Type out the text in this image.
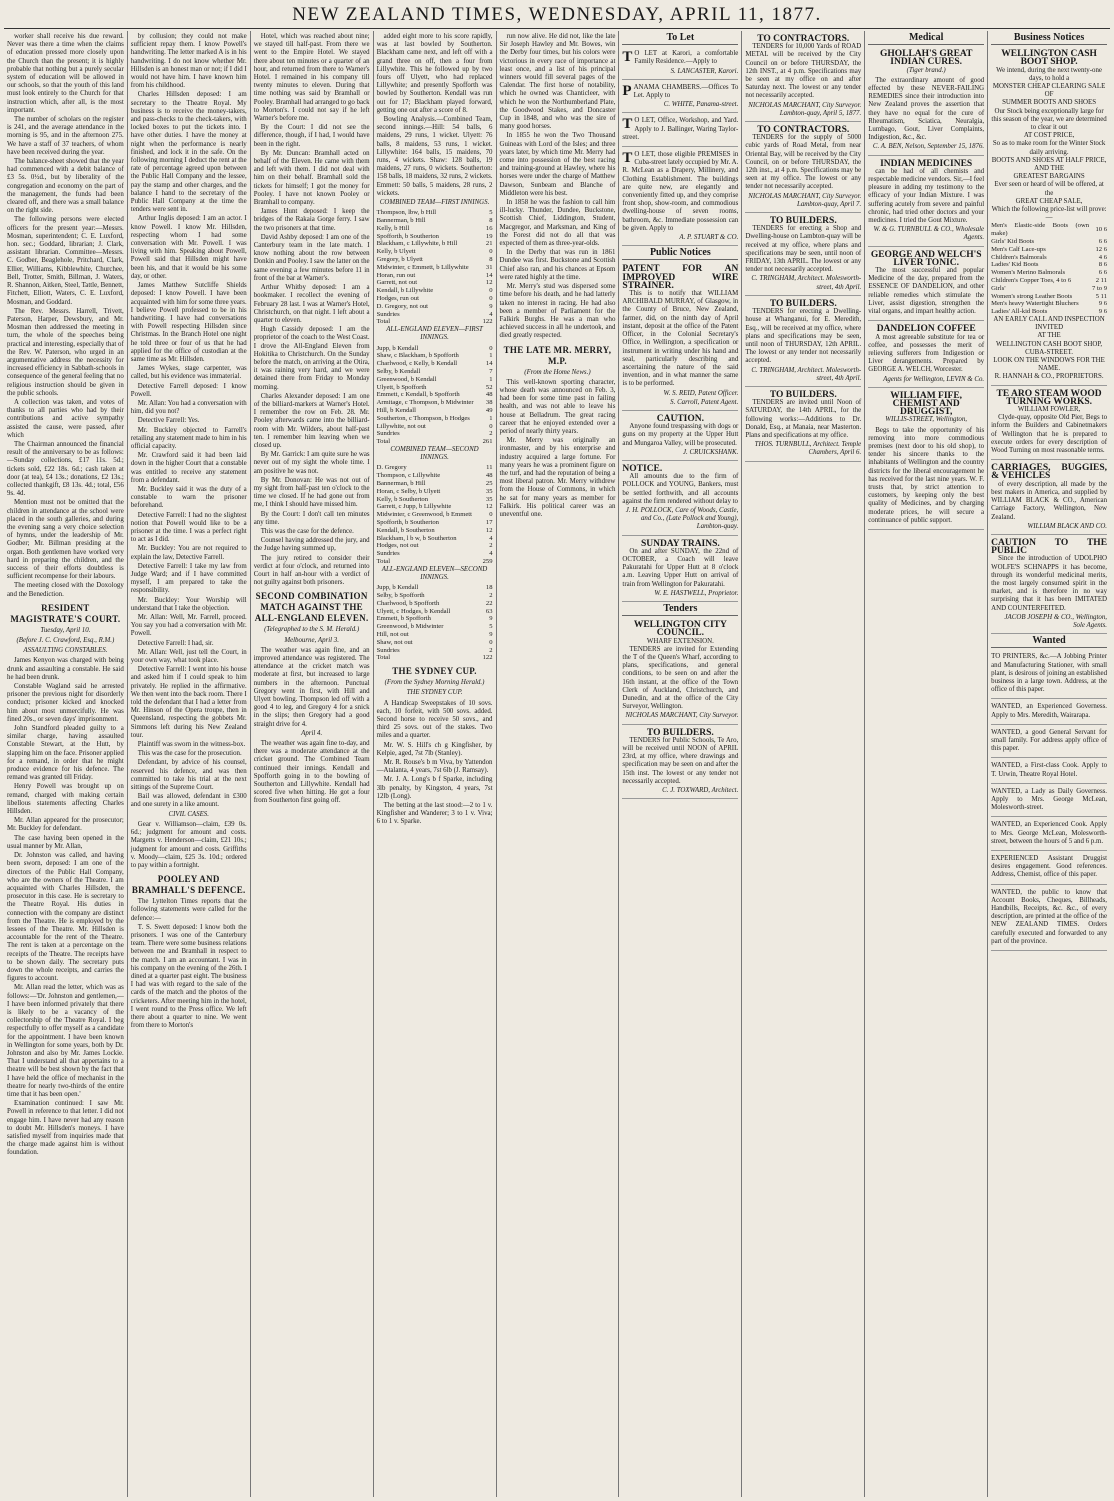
NEW ZEALAND TIMES, WEDNESDAY, APRIL 11, 1877.

worker shall receive his due reward. Never was there a time when the claims of education pressed more closely upon the Church than the present; it is highly probable that nothing but a purely secular system of education will be allowed in our schools, so that the youth of this land must look entirely to the Church for that instruction which, after all, is the most important.

The number of scholars on the register is 241, and the average attendance in the morning is 95, and in the afternoon 275. We have a staff of 37 teachers, of whom have been received during the year.

The balance-sheet showed that the year had commenced with a debit balance of £3 5s. 0½d., but by liberality of the congregation and economy on the part of the management, the funds had been cleared off, and there was a small balance on the right side.

The following persons were elected officers for the present year:—Messrs. Mosman, superintendent; C. E. Luxford, hon. sec.; Goddard, librarian; J. Clark, assistant librarian. Committee—Messrs. C. Godber, Beaglehole, Pritchard, Clark, Ellier, Williams, Kibblewhite, Churchee, Bell, Trotter, Smith, Billman, J. Waters, R. Shannon, Aitken, Steel, Tattle, Bennett, Fitchett, Elliott, Waters, C. E. Luxford, Mosman, and Goddard.

The Rev. Messrs. Harrell, Trivett, Paterson, Harper, Dewsbury, and Mr. Mosman then addressed the meeting in turn, the whole of the speeches being practical and interesting, especially that of the Rev. W. Paterson, who urged in an argumentative address the necessity for increased efficiency in Sabbath-schools in consequence of the general feeling that no religious instruction should be given in the public schools.

A collection was taken, and votes of thanks to all parties who had by their contributions and active sympathy assisted the cause, were passed, after which

The Chairman announced the financial result of the anniversary to be as follows:—Sunday collections, £17 11s. 5d.; tickets sold, £22 18s. 6d.; cash taken at door (at tea), £4 13s.; donations, £2 13s.; collected thankgift, £8 13s. 4d.; total, £56 9s. 4d.

Mention must not be omitted that the children in attendance at the school were placed in the south galleries, and during the evening sang a very choice selection of hymns, under the leadership of Mr. Godber; Mr. Billman presiding at the organ. Both gentlemen have worked very hard in preparing the children, and the success of their efforts doubtless is sufficient recompense for their labours.

The meeting closed with the Doxology and the Benediction.

RESIDENT MAGISTRATE'S COURT.
Tuesday, April 10.
(Before J. C. Crawford, Esq., R.M.)
ASSAULTING CONSTABLES.

James Kenyon was charged with being drunk and assaulting a constable. He said he had been drunk.

Constable Wagland said he arrested prisoner the previous night for disorderly conduct; prisoner kicked and knocked him about most unmercifully. He was fined 20s., or seven days' imprisonment.

John Standford pleaded guilty to a similar charge, having assaulted Constable Stewart, at the Hutt, by slapping him on the face. Prisoner applied for a remand, in order that he might produce evidence for his defence. The remand was granted till Friday.

Henry Powell was brought up on remand, charged with making certain libellous statements affecting Charles Hillsden.

Mr. Allan appeared for the prosecutor; Mr. Buckley for defendant.

The case having been opened in the usual manner by Mr. Allan,

Dr. Johnston was called, and having been sworn, deposed: I am one of the directors of the Public Hall Company, who are the owners of the Theatre. I am acquainted with Charles Hillsden, the prosecutor in this case. He is secretary to the Theatre Royal. His duties in connection with the company are distinct from the Theatre. He is employed by the lessees of the Theatre. Mr. Hillsden is accountable for the rent of the Theatre. The rent is taken at a percentage on the receipts of the Theatre. The receipts have to be shown daily. The secretary puts down the whole receipts, and carries the figures to account.

Mr. Allan read the letter, which was as follows:—'Dr. Johnston and gentlemen,—I have been informed privately that there is likely to be a vacancy of the collectorship of the Theatre Royal. I beg respectfully to offer myself as a candidate for the appointment. I have been known in Wellington for some years, both by Dr. Johnston and also by Mr. James Lockie. That I understand all that appertains to a theatre will be best shown by the fact that I have held the office of mechanist in the theatre for nearly two-thirds of the entire time that it has been open.'

Examination continued: I saw Mr. Powell in reference to that letter. I did not engage him. I have never had any reason to doubt Mr. Hillsden's moneys. I have satisfied myself from inquiries made that the charge made against him is without foundation.

by collusion; they could not make sufficient repay them. I know Powell's handwriting. The letter marked A is in his handwriting. I do not know whether Mr. Hillsden is an honest man or not; if I did I would not have him. I have known him from his childhood.

Charles Hillsden deposed: I am secretary to the Theatre Royal. My business is to receive the money-takers, and pass-checks to the check-takers, with locked boxes to put the tickets into. I have other duties. I have the money at night when the performance is nearly finished, and lock it in the safe. On the following morning I deduct the rent at the rate of percentage agreed upon between the Public Hall Company and the lessee, pay the stamp and other charges, and the balance I hand to the secretary of the Public Hall Company at the time the tenders were sent in.

Arthur Inglis deposed: I am an actor. I know Powell. I know Mr. Hillsden, respecting whom I had some conversation with Mr. Powell. I was living with him. Speaking about Powell, Powell said that Hillsden might have been his, and that it would be his some day, or other.

James Matthew Sutcliffe Shields deposed: I know Powell. I have been acquainted with him for some three years. I believe Powell professed to be in his handwriting. I have had conversations with Powell respecting Hillsden since Christmas. In the Branch Hotel one night he told three or four of us that he had applied for the office of custodian at the same time as Mr. Hillsden.

James Wykes, stage carpenter, was called, but his evidence was immaterial.

Detective Farrell deposed: I know Powell.

Mr. Allan: You had a conversation with him, did you not?

Detective Farrell: Yes.

Mr. Buckley objected to Farrell's retailing any statement made to him in his official capacity.

Mr. Crawford said it had been laid down in the higher Court that a constable was entitled to receive any statement from a defendant.

Mr. Buckley said it was the duty of a constable to warn the prisoner beforehand.

Detective Farrell: I had no the slightest notion that Powell would like to be a prisoner at the time. I was a perfect right to act as I did.

Mr. Buckley: You are not required to explain the law, Detective Farrell.

Detective Farrell: I take my law from Judge Ward; and if I have committed myself, I am prepared to take the responsibility.

Mr. Buckley: Your Worship will understand that I take the objection.

Mr. Allan: Well, Mr. Farrell, proceed. You say you had a conversation with Mr. Powell.

Detective Farrell: I had, sir.

Mr. Allan: Well, just tell the Court, in your own way, what took place.

Detective Farrell: I went into his house and asked him if I could speak to him privately. He replied in the affirmative. We then went into the back room. There I told the defendant that I had a letter from Mr. Hinson of the Opera troupe, then in Queensland, respecting the gobbets Mr. Simmons left during his New Zealand tour.

Plaintiff was sworn in the witness-box.

This was the case for the prosecution.

Defendant, by advice of his counsel, reserved his defence, and was then committed to take his trial at the next sittings of the Supreme Court.

Bail was allowed, defendant in £300 and one surety in a like amount.

CIVIL CASES.

Gear v. Williamson—claim, £39 0s. 6d.; judgment for amount and costs. Margetts v. Henderson—claim, £21 10s.; judgment for amount and costs. Griffiths v. Moody—claim, £25 3s. 10d.; ordered to pay within a fortnight.

POOLEY AND BRAMHALL'S DEFENCE.

The Lyttelton Times reports that the following statements were called for the defence:—

T. S. Swett deposed: I know both the prisoners. I was one of the Canterbury team. There were some business relations between me and Bramhall in respect to the match. I am an accountant. I was in his company on the evening of the 26th. I dined at a quarter past eight. The business I had was with regard to the sale of the cards of the match and the photos of the cricketers. After meeting him in the hotel, I went round to the Press office. We left there about a quarter to nine. We went from there to Morton's

Hotel, which was reached about nine; we stayed till half-past. From there we went to the Empire Hotel. We stayed there about ten minutes or a quarter of an hour, and returned from there to Warner's Hotel. I remained in his company till twenty minutes to eleven. During that time nothing was said by Bramhall or Pooley. Bramhall had arranged to go back to Morton's. I could not say if he left Warner's before me.

By the Court: I did not see the difference, though, if I had, I would have been in the right.

By Mr. Duncan: Bramhall acted on behalf of the Eleven. He came with them and left with them. I did not deal with him on their behalf. Bramhall sold the tickets for himself; I got the money for Pooley. I have not known Pooley or Bramhall to company.

James Hunt deposed: I keep the bridges of the Rakaia Gorge ferry. I saw the two prisoners at that time.

David Ashby deposed: I am one of the Canterbury team in the late match. I know nothing about the row between Donkin and Pooley. I saw the latter on the same evening a few minutes before 11 in front of the bar at Warner's.

Arthur Whitby deposed: I am a bookmaker. I recollect the evening of February 28 last. I was at Warner's Hotel, Christchurch, on that night. I left about a quarter to eleven.

Hugh Cassidy deposed: I am the proprietor of the coach to the West Coast. I drove the All-England Eleven from Hokitika to Christchurch. On the Sunday before the match, on arriving at the Otira, it was raining very hard, and we were detained there from Friday to Monday morning.

Charles Alexander deposed: I am one of the billiard-markers at Warner's Hotel. I remember the row on Feb. 28. Mr. Pooley afterwards came into the billiard-room with Mr. Wilders, about half-past ten. I remember him leaving when we closed up.

By Mr. Garrick: I am quite sure he was never out of my sight the whole time. I am positive he was not.

By Mr. Donovan: He was not out of my sight from half-past ten o'clock to the time we closed. If he had gone out from me, I think I should have missed him.

By the Court: I don't call ten minutes any time.

This was the case for the defence.

Counsel having addressed the jury, and the Judge having summed up,

The jury retired to consider their verdict at four o'clock, and returned into Court in half an-hour with a verdict of not guilty against both prisoners.

SECOND COMBINATION MATCH AGAINST THE ALL-ENGLAND ELEVEN.
(Telegraphed to the S. M. Herald.)
Melbourne, April 3.

The weather was again fine, and an improved attendance was registered. The attendance at the cricket match was moderate at first, but increased to large numbers in the afternoon. Punctual Gregory went in first, with Hill and Ulyett bowling. Thompson led off with a good 4 to leg, and Gregory 4 for a snick in the slips; then Gregory had a good straight drive for 4.

April 4.

The weather was again fine to-day, and there was a moderate attendance at the cricket ground. The Combined Team continued their innings. Kendall and Spofforth going in to the bowling of Southerton and Lillywhite. Kendall had scored five when hitting. He got a four from Southerton first going off.

added eight more to his score rapidly, was at last bowled by Southerton. Blackham came next, and left off with a grand three on off, then a four from Lillywhite. This he followed up by two fours off Ulyett, who had replaced Lillywhite; and presently Spofforth was bowled by Southerton. Kendall was run out for 17; Blackham played forward, getting one out after a score of 8.

Bowling Analysis.—Combined Team, second innings.—Hill: 54 balls, 6 maidens, 29 runs, 1 wicket. Ulyett: 76 balls, 8 maidens, 53 runs, 1 wicket. Lillywhite: 164 balls, 15 maidens, 70 runs, 4 wickets. Shaw: 128 balls, 19 maidens, 27 runs, 0 wickets. Southerton: 158 balls, 18 maidens, 32 runs, 2 wickets. Emmett: 50 balls, 5 maidens, 28 runs, 2 wickets.

COMBINED TEAM—FIRST INNINGS.
Thompson, lbw, b Hill	5
Bannerman, b Hill	8
Kelly, b Hill	16
Spofforth, b Southerton	19
Blackham, c Lillywhite, b Hill	21
Kelly, b Ulyett	0
Gregory, b Ulyett	8
Midwinter, c Emmett, b Lillywhite	31
Horan, run out	14
Garrett, not out	12
Kendall, b Lillywhite	0
Hodges, run out	0
D. Gregory, not out	9
Sundries	4
Total	122
ALL-ENGLAND ELEVEN—FIRST INNINGS.
Jupp, b Kendall	0
Shaw, c Blackham, b Spofforth	1
Charlwood, c Kelly, b Kendall	14
Selby, b Kendall	7
Greenwood, b Kendall	1
Ulyett, b Spofforth	52
Emmett, c Kendall, b Spofforth	48
Armitage, c Thompson, b Midwinter	38
Hill, b Kendall	49
Southerton, c Thompson, b Hodges	1
Lillywhite, not out	0
Sundries	2
Total	261
COMBINED TEAM—SECOND INNINGS.
D. Gregory	11
Thompson, c Lillywhite	48
Bannerman, b Hill	25
Horan, c Selby, b Ulyett	35
Kelly, b Southerton	35
Garrett, c Jupp, b Lillywhite	12
Midwinter, c Greenwood, b Emmett	0
Spofforth, b Southerton	17
Kendall, b Southerton	12
Blackham, l b w, b Southerton	4
Hodges, not out	2
Sundries	4
Total	259
ALL-ENGLAND ELEVEN—SECOND INNINGS.
Jupp, b Kendall	18
Selby, b Spofforth	2
Charlwood, b Spofforth	22
Ulyett, c Hodges, b Kendall	63
Emmett, b Spofforth	9
Greenwood, b Midwinter	5
Hill, not out	9
Shaw, not out	0
Sundries	2
Total	122
THE SYDNEY CUP.
(From the Sydney Morning Herald.)
THE SYDNEY CUP.

A Handicap Sweepstakes of 10 sovs. each, 10 forfeit, with 500 sovs. added. Second horse to receive 50 sovs., and third 25 sovs. out of the stakes. Two miles and a quarter.

Mr. W. S. Hill's ch g Kingfisher, by Kelpie, aged, 7st 7lb (Stanley).

Mr. R. Rouse's b m Viva, by Yattendon—Atalanta, 4 years, 7st 6lb (J. Ramsay).

Mr. J. A. Long's b f Sparke, including 3lb penalty, by Kingston, 4 years, 7st 12lb (Long).

The betting at the last stood:—2 to 1 v. Kingfisher and Wanderer; 3 to 1 v. Viva; 6 to 1 v. Sparke.

run now alive. He did not, like the late Sir Joseph Hawley and Mr. Bowes, win the Derby four times, but his colors were victorious in every race of importance at least once, and a list of his principal winners would fill several pages of the Calendar. The first horse of notability, which he owned was Chanticleer, with which he won the Northumberland Plate, the Goodwood Stakes, and Doncaster Cup in 1848, and who was the sire of many good horses.

In 1855 he won the Two Thousand Guineas with Lord of the Isles; and three years later, by which time Mr. Merry had come into possession of the best racing and training-ground at Hawley, where his horses were under the charge of Matthew Dawson, Sunbeam and Blanche of Middleton were his best.

In 1858 he was the fashion to call him ill-lucky. Thunder, Dundee, Buckstone, Scottish Chief, Liddington, Student, Macgregor, and Marksman, and King of the Forest did not do all that was expected of them as three-year-olds.

In the Derby that was run in 1861 Dundee was first. Buckstone and Scottish Chief also ran, and his chances at Epsom were rated highly at the time.

Mr. Merry's stud was dispersed some time before his death, and he had latterly taken no interest in racing. He had also been a member of Parliament for the Falkirk Burghs. He was a man who achieved success in all he undertook, and died greatly respected.

THE LATE MR. MERRY, M.P.
(From the Home News.)

This well-known sporting character, whose death was announced on Feb. 3, had been for some time past in failing health, and was not able to leave his house at Belladrum. The great racing career that he enjoyed extended over a period of nearly thirty years.

Mr. Merry was originally an ironmaster, and by his enterprise and industry acquired a large fortune. For many years he was a prominent figure on the turf, and had the reputation of being a most liberal patron. Mr. Merry withdrew from the House of Commons, in which he sat for many years as member for Falkirk. His political career was an uneventful one.

To Let

T O LET at Karori, a comfortable Family Residence.—Apply to

S. LANCASTER, Karori.

PANAMA CHAMBERS.—Offices To Let. Apply to

C. WHITE, Panama-street.

T O LET, Office, Workshop, and Yard. Apply to J. Ballinger, Waring Taylor-street.

T O LET, those eligible PREMISES in Cuba-street lately occupied by Mr. A. R. McLean as a Drapery, Millinery, and Clothing Establishment. The buildings are quite new, are elegantly and conveniently fitted up, and they comprise front shop, show-room, and commodious dwelling-house of seven rooms, bathroom, &c. Immediate possession can be given. Apply to

A. P. STUART & CO.
Public Notices
PATENT FOR AN IMPROVED WIRE STRAINER.

This is to notify that WILLIAM ARCHIBALD MURRAY, of Glasgow, in the County of Bruce, New Zealand, farmer, did, on the ninth day of April instant, deposit at the office of the Patent Officer, in the Colonial Secretary's Office, in Wellington, a specification or instrument in writing under his hand and seal, particularly describing and ascertaining the nature of the said invention, and in what manner the same is to be performed.

W. S. REID, Patent Officer.
S. Carroll, Patent Agent.
CAUTION.

Anyone found trespassing with dogs or guns on my property at the Upper Hutt and Mungaroa Valley, will be prosecuted.

J. CRUICKSHANK.
NOTICE.

All amounts due to the firm of POLLOCK and YOUNG, Bankers, must be settled forthwith, and all accounts against the firm rendered without delay to

J. H. POLLOCK, Care of Woods, Castle, and Co., (Late Pollock and Young), Lambton-quay.
SUNDAY TRAINS.

On and after SUNDAY, the 22nd of OCTOBER, a Coach will leave Pakuratahi for Upper Hutt at 8 o'clock a.m. Leaving Upper Hutt on arrival of train from Wellington for Pakuratahi.

W. E. HASTWELL, Proprietor.
Tenders
WELLINGTON CITY COUNCIL.
WHARF EXTENSION.

TENDERS are invited for Extending the T of the Queen's Wharf, according to plans, specifications, and general conditions, to be seen on and after the 16th instant, at the office of the Town Clerk of Auckland, Christchurch, and Dunedin, and at the office of the City Surveyor, Wellington.

NICHOLAS MARCHANT, City Surveyor.
TO BUILDERS.

TENDERS for Public Schools, Te Aro, will be received until NOON of APRIL 23rd, at my office, where drawings and specification may be seen on and after the 15th inst. The lowest or any tender not necessarily accepted.

C. J. TOXWARD, Architect.
TO CONTRACTORS.

TENDERS for 10,000 Yards of ROAD METAL will be received by the City Council on or before THURSDAY, the 12th INST., at 4 p.m. Specifications may be seen at my office on and after Saturday next. The lowest or any tender not necessarily accepted.

NICHOLAS MARCHANT, City Surveyor. Lambton-quay, April 5, 1877.
TO CONTRACTORS.

TENDERS for the supply of 5000 cubic yards of Road Metal, from near Oriental Bay, will be received by the City Council, on or before THURSDAY, the 12th inst., at 4 p.m. Specifications may be seen at my office. The lowest or any tender not necessarily accepted.

NICHOLAS MARCHANT, City Surveyor. Lambton-quay, April 7.
TO BUILDERS.

TENDERS for erecting a Shop and Dwelling-house on Lambton-quay will be received at my office, where plans and specifications may be seen, until noon of FRIDAY, 13th APRIL. The lowest or any tender not necessarily accepted.

C. TRINGHAM, Architect. Molesworth-street, 4th April.
TO BUILDERS.

TENDERS for erecting a Dwelling-house at Whanganui, for E. Meredith, Esq., will be received at my office, where plans and specifications may be seen, until noon of THURSDAY, 12th APRIL. The lowest or any tender not necessarily accepted.

C. TRINGHAM, Architect. Molesworth-street, 4th April.
TO BUILDERS.

TENDERS are invited until Noon of SATURDAY, the 14th APRIL, for the following works:—Additions to Dr. Donald, Esq., at Manaia, near Masterton. Plans and specifications at my office.

THOS. TURNBULL, Architect. Temple Chambers, April 6.
Medical
GHOLLAH'S GREAT INDIAN CURES.
(Tiger brand.)

The extraordinary amount of good effected by these NEVER-FAILING REMEDIES since their introduction into New Zealand proves the assertion that they have no equal for the cure of Rheumatism, Sciatica, Neuralgia, Lumbago, Gout, Liver Complaints, Indigestion, &c., &c.

C. A. BEN, Nelson, September 15, 1876.
INDIAN MEDICINES

can be had of all chemists and respectable medicine vendors. Sir,—I feel pleasure in adding my testimony to the efficacy of your Indian Mixture. I was suffering acutely from severe and painful chronic, had tried other doctors and your medicines. I tried the Gout Mixture.

W. & G. TURNBULL & CO., Wholesale Agents.
GEORGE AND WELCH'S LIVER TONIC.

The most successful and popular Medicine of the day, prepared from the ESSENCE OF DANDELION, and other reliable remedies which stimulate the Liver, assist digestion, strengthen the vital organs, and impart healthy action.

DANDELION COFFEE

A most agreeable substitute for tea or coffee, and possesses the merit of relieving sufferers from Indigestion or Liver derangements. Prepared by GEORGE A. WELCH, Worcester.

Agents for Wellington, LEVIN & Co.
WILLIAM FIFE, CHEMIST AND DRUGGIST,
WILLIS-STREET, Wellington,

Begs to take the opportunity of his removing into more commodious premises (next door to his old shop), to tender his sincere thanks to the inhabitants of Wellington and the country districts for the liberal encouragement he has received for the last nine years. W. F. trusts that, by strict attention to customers, by keeping only the best quality of Medicines, and by charging moderate prices, he will secure a continuance of public support.

Business Notices
WELLINGTON CASH BOOT SHOP.
We intend, during the next twenty-one days, to hold a
MONSTER CHEAP CLEARING SALE
OF
SUMMER BOOTS AND SHOES
Our Stock being exceptionally large for this season of the year, we are determined to clear it out
AT COST PRICE,
So as to make room for the Winter Stock daily arriving.
BOOTS AND SHOES AT HALF PRICE,
AND THE
GREATEST BARGAINS
Ever seen or heard of will be offered, at the
GREAT CHEAP SALE,
Which the following price-list will prove:—
Men's Elastic-side Boots (own make)	10 6
Girls' Kid Boots	6 6
Men's Calf Lace-ups	12 6
Children's Balmorals	4 6
Ladies' Kid Boots	8 6
Women's Merino Balmorals	6 6
Children's Copper Toes, 4 to 6	2 11
Girls'	7 to 9
Women's strong Leather Boots	5 11
Men's heavy Watertight Bluchers	9 6
Ladies' All-kid Boots	9 6
AN EARLY CALL AND INSPECTION INVITED
AT THE
WELLINGTON CASH BOOT SHOP, CUBA-STREET.
LOOK ON THE WINDOWS FOR THE NAME.
R. HANNAH & CO., PROPRIETORS.
TE ARO STEAM WOOD TURNING WORKS.
WILLIAM FOWLER,

Clyde-quay, opposite Old Pier, Begs to inform the Builders and Cabinetmakers of Wellington that he is prepared to execute orders for every description of Wood Turning on most reasonable terms.

CARRIAGES, BUGGIES, & VEHICLES

of every description, all made by the best makers in America, and supplied by WILLIAM BLACK & CO., American Carriage Factory, Wellington, New Zealand.

WILLIAM BLACK AND CO.
CAUTION TO THE PUBLIC

Since the introduction of UDOLPHO WOLFE'S SCHNAPPS it has become, through its wonderful medicinal merits, the most largely consumed spirit in the market, and is therefore in no way surprising that it has been IMITATED AND COUNTERFEITED.

JACOB JOSEPH & CO., Wellington, Sole Agents.
Wanted

TO PRINTERS, &c.—A Jobbing Printer and Manufacturing Stationer, with small plant, is desirous of joining an established business in a large town. Address, at the office of this paper.

WANTED, an Experienced Governess. Apply to Mrs. Meredith, Wairarapa.

WANTED, a good General Servant for small family. For address apply office of this paper.

WANTED, a First-class Cook. Apply to T. Urwin, Theatre Royal Hotel.

WANTED, a Lady as Daily Governess. Apply to Mrs. George McLean, Molesworth-street.

WANTED, an Experienced Cook. Apply to Mrs. George McLean, Molesworth-street, between the hours of 5 and 6 p.m.

EXPERIENCED Assistant Druggist desires engagement. Good references. Address, Chemist, office of this paper.

WANTED, the public to know that Account Books, Cheques, Billheads, Handbills, Receipts, &c. &c., of every description, are printed at the office of the NEW ZEALAND TIMES. Orders carefully executed and forwarded to any part of the province.
